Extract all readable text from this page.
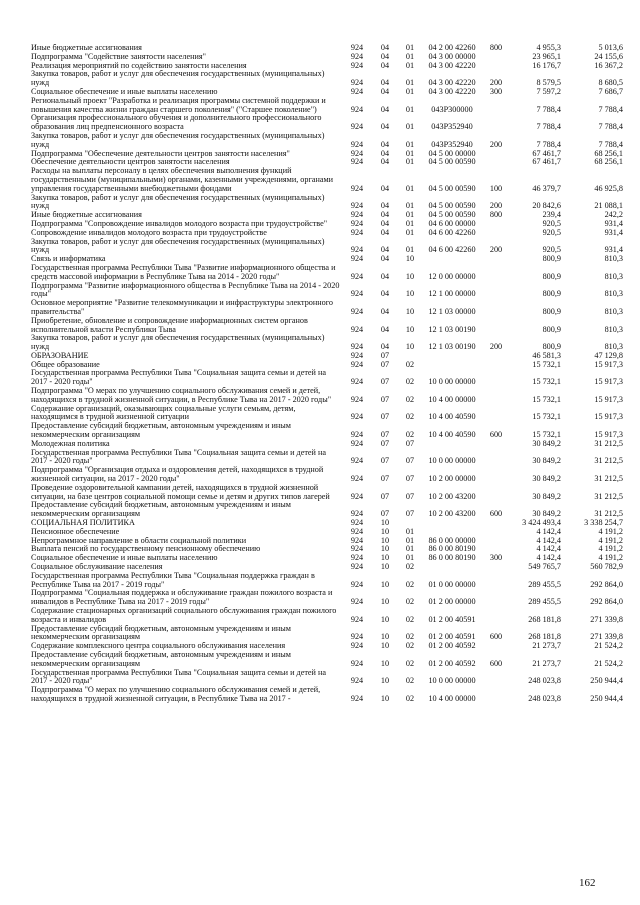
Иные бюджетные ассигнования	924	04	01	04 2 00 42260	800	4 955,3	5 013,6
Подпрограмма "Содействие занятости населения"	924	04	01	04 3 00 00000		23 965,1	24 155,6
Реализация мероприятий по содействию занятости населения	924	04	01	04 3 00 42220		16 176,7	16 367,2
Закупка товаров, работ и услуг для обеспечения государственных (муниципальных) нужд	924	04	01	04 3 00 42220	200	8 579,5	8 680,5
Социальное обеспечение и иные выплаты населению	924	04	01	04 3 00 42220	300	7 597,2	7 686,7
Региональный проект "Разработка и реализация программы системной поддержки и повышения качества жизни граждан старшего поколения" ("Старшее поколение")	924	04	01	043P300000		7 788,4	7 788,4
Организация профессионального обучения и дополнительного профессионального образования лиц предпенсионного возраста	924	04	01	043P352940		7 788,4	7 788,4
Закупка товаров, работ и услуг для обеспечения государственных (муниципальных) нужд	924	04	01	043P352940	200	7 788,4	7 788,4
Подпрограмма "Обеспечение деятельности центров занятости населения"	924	04	01	04 5 00 00000		67 461,7	68 256,1
Обеспечение деятельности центров занятости населения	924	04	01	04 5 00 00590		67 461,7	68 256,1
Расходы на выплаты персоналу в целях обеспечения выполнения функций государственными (муниципальными) органами, казенными учреждениями, органами управления государственными внебюджетными фондами	924	04	01	04 5 00 00590	100	46 379,7	46 925,8
Закупка товаров, работ и услуг для обеспечения государственных (муниципальных) нужд	924	04	01	04 5 00 00590	200	20 842,6	21 088,1
Иные бюджетные ассигнования	924	04	01	04 5 00 00590	800	239,4	242,2
Подпрограмма "Сопровождение инвалидов молодого возраста при трудоустройстве"	924	04	01	04 6 00 00000		920,5	931,4
Сопровождение инвалидов молодого возраста при трудоустройстве	924	04	01	04 6 00 42260		920,5	931,4
Закупка товаров, работ и услуг для обеспечения государственных (муниципальных) нужд	924	04	01	04 6 00 42260	200	920,5	931,4
Связь и информатика	924	04	10			800,9	810,3
Государственная программа Республики Тыва "Развитие информационного общества и средств массовой информации в Республике Тыва на 2014 - 2020 годы"	924	04	10	12 0 00 00000		800,9	810,3
Подпрограмма "Развитие информационного общества в Республике Тыва на 2014 - 2020 годы"	924	04	10	12 1 00 00000		800,9	810,3
Основное мероприятие "Развитие телекоммуникации и инфраструктуры электронного правительства"	924	04	10	12 1 03 00000		800,9	810,3
Приобретение, обновление и сопровождение информационных систем органов исполнительной власти Республики Тыва	924	04	10	12 1 03 00190		800,9	810,3
Закупка товаров, работ и услуг для обеспечения государственных (муниципальных) нужд	924	04	10	12 1 03 00190	200	800,9	810,3
ОБРАЗОВАНИЕ	924	07				46 581,3	47 129,8
Общее образование	924	07	02			15 732,1	15 917,3
Государственная программа Республики Тыва "Социальная защита семьи и детей на 2017 - 2020 годы"	924	07	02	10 0 00 00000		15 732,1	15 917,3
Подпрограмма "О мерах по улучшению социального обслуживания семей и детей, находящихся в трудной жизненной ситуации, в Республике Тыва на 2017 - 2020 годы"	924	07	02	10 4 00 00000		15 732,1	15 917,3
Содержание организаций, оказывающих социальные услуги семьям, детям, находящимся в трудной жизненной ситуации	924	07	02	10 4 00 40590		15 732,1	15 917,3
Предоставление субсидий бюджетным, автономным учреждениям и иным некоммерческим организациям	924	07	02	10 4 00 40590	600	15 732,1	15 917,3
Молодежная политика	924	07	07			30 849,2	31 212,5
Государственная программа Республики Тыва "Социальная защита семьи и детей на 2017 - 2020 годы"	924	07	07	10 0 00 00000		30 849,2	31 212,5
Подпрограмма "Организация отдыха и оздоровления детей, находящихся в трудной жизненной ситуации, на 2017 - 2020 годы"	924	07	07	10 2 00 00000		30 849,2	31 212,5
Проведение оздоровительной кампании детей, находящихся в трудной жизненной ситуации, на базе центров социальной помощи семье и детям и других типов лагерей	924	07	07	10 2 00 43200		30 849,2	31 212,5
Предоставление субсидий бюджетным, автономным учреждениям и иным некоммерческим организациям	924	07	07	10 2 00 43200	600	30 849,2	31 212,5
СОЦИАЛЬНАЯ ПОЛИТИКА	924	10				3 424 493,4	3 338 254,7
Пенсионное обеспечение	924	10	01			4 142,4	4 191,2
Непрограммное направление в области социальной политики	924	10	01	86 0 00 00000		4 142,4	4 191,2
Выплата пенсий по государственному пенсионному обеспечению	924	10	01	86 0 00 80190		4 142,4	4 191,2
Социальное обеспечение и иные выплаты населению	924	10	01	86 0 00 80190	300	4 142,4	4 191,2
Социальное обслуживание населения	924	10	02			549 765,7	560 782,9
Государственная программа Республики Тыва "Социальная поддержка граждан в Республике Тыва на 2017 - 2019 годы"	924	10	02	01 0 00 00000		289 455,5	292 864,0
Подпрограмма "Социальная поддержка и обслуживание граждан пожилого возраста и инвалидов в Республике Тыва на 2017 - 2019 годы"	924	10	02	01 2 00 00000		289 455,5	292 864,0
Содержание стационарных организаций социального обслуживания граждан пожилого возраста и инвалидов	924	10	02	01 2 00 40591		268 181,8	271 339,8
Предоставление субсидий бюджетным, автономным учреждениям и иным некоммерческим организациям	924	10	02	01 2 00 40591	600	268 181,8	271 339,8
Содержание комплексного центра социального обслуживания населения	924	10	02	01 2 00 40592		21 273,7	21 524,2
Предоставление субсидий бюджетным, автономным учреждениям и иным некоммерческим организациям	924	10	02	01 2 00 40592	600	21 273,7	21 524,2
Государственная программа Республики Тыва "Социальная защита семьи и детей на 2017 - 2020 годы"	924	10	02	10 0 00 00000		248 023,8	250 944,4
Подпрограмма "О мерах по улучшению социального обслуживания семей и детей, находящихся в трудной жизненной ситуации, в Республике Тыва на 2017 -	924	10	02	10 4 00 00000		248 023,8	250 944,4
162
